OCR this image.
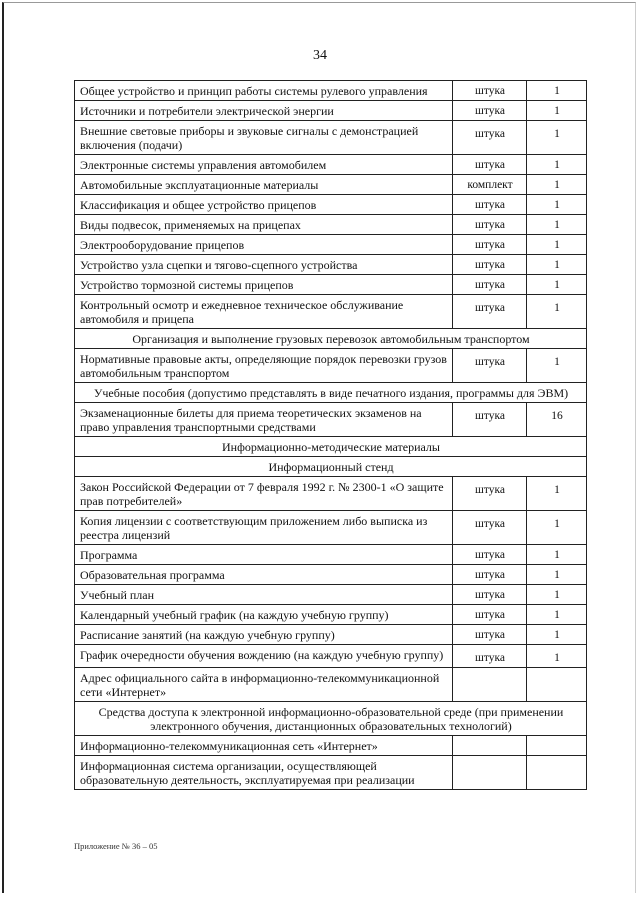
34
Общее устройство и принцип работы системы рулевого управления	штука	1
Источники и потребители электрической энергии	штука	1
Внешние световые приборы и звуковые сигналы с демонстрацией включения (подачи)	штука	1
Электронные системы управления автомобилем	штука	1
Автомобильные эксплуатационные материалы	комплект	1
Классификация и общее устройство прицепов	штука	1
Виды подвесок, применяемых на прицепах	штука	1
Электрооборудование прицепов	штука	1
Устройство узла сцепки и тягово-сцепного устройства	штука	1
Устройство тормозной системы прицепов	штука	1
Контрольный осмотр и ежедневное техническое обслуживание автомобиля и прицепа	штука	1
Организация и выполнение грузовых перевозок автомобильным транспортом		
Нормативные правовые акты, определяющие порядок перевозки грузов автомобильным транспортом	штука	1
Учебные пособия (допустимо представлять в виде печатного издания, программы для ЭВМ)		
Экзаменационные билеты для приема теоретических экзаменов на право управления транспортными средствами	штука	16
Информационно-методические материалы		
Информационный стенд		
Закон Российской Федерации от 7 февраля 1992 г. № 2300-1 «О защите прав потребителей»	штука	1
Копия лицензии с соответствующим приложением либо выписка из реестра лицензий	штука	1
Программа	штука	1
Образовательная программа	штука	1
Учебный план	штука	1
Календарный учебный график (на каждую учебную группу)	штука	1
Расписание занятий (на каждую учебную группу)	штука	1
График очередности обучения вождению (на каждую учебную группу)	штука	1
Адрес официального сайта в информационно-телекоммуникационной сети «Интернет»		
Средства доступа к электронной информационно-образовательной среде (при применении электронного обучения, дистанционных образовательных технологий)		
Информационно-телекоммуникационная сеть «Интернет»		
Информационная система организации, осуществляющей образовательную деятельность, эксплуатируемая при реализации		
Приложение № 36 – 05
